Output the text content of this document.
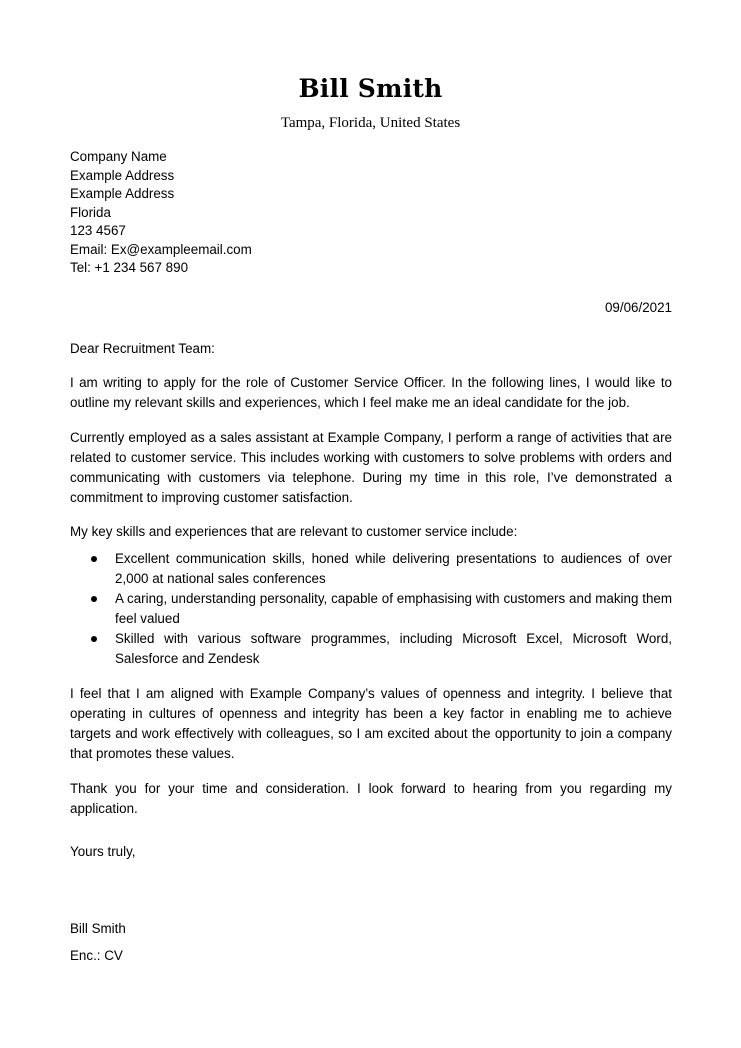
Bill Smith
Tampa, Florida, United States
Company Name
Example Address
Example Address
Florida
123 4567
Email: Ex@exampleemail.com
Tel: +1 234 567 890
09/06/2021
Dear Recruitment Team:

I am writing to apply for the role of Customer Service Officer. In the following lines, I would like to outline my relevant skills and experiences, which I feel make me an ideal candidate for the job.

Currently employed as a sales assistant at Example Company, I perform a range of activities that are related to customer service. This includes working with customers to solve problems with orders and communicating with customers via telephone. During my time in this role, I’ve demonstrated a commitment to improving customer satisfaction.

My key skills and experiences that are relevant to customer service include:

Excellent communication skills, honed while delivering presentations to audiences of over 2,000 at national sales conferences
A caring, understanding personality, capable of emphasising with customers and making them feel valued
Skilled with various software programmes, including Microsoft Excel, Microsoft Word, Salesforce and Zendesk

I feel that I am aligned with Example Company’s values of openness and integrity. I believe that operating in cultures of openness and integrity has been a key factor in enabling me to achieve targets and work effectively with colleagues, so I am excited about the opportunity to join a company that promotes these values.

Thank you for your time and consideration. I look forward to hearing from you regarding my application.

Yours truly,
Bill Smith
Enc.: CV
